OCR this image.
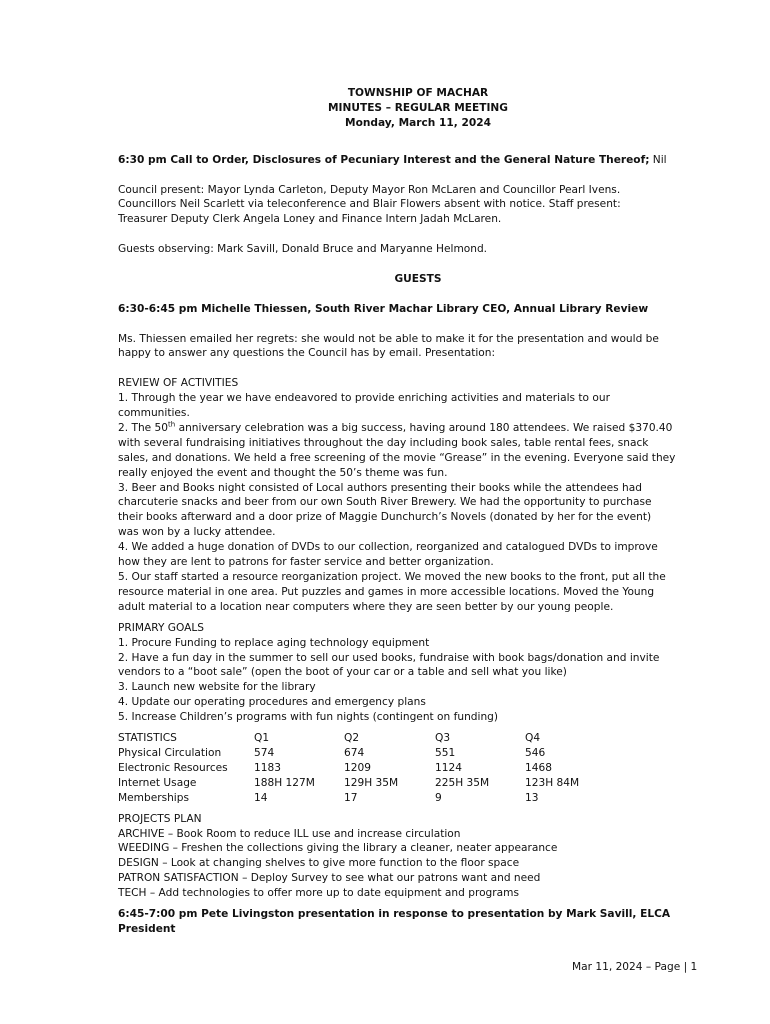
TOWNSHIP OF MACHAR

MINUTES – REGULAR MEETING

Monday, March 11, 2024

6:30 pm Call to Order, Disclosures of Pecuniary Interest and the General Nature Thereof; Nil

Council present: Mayor Lynda Carleton, Deputy Mayor Ron McLaren and Councillor Pearl Ivens.

Councillors Neil Scarlett via teleconference and Blair Flowers absent with notice. Staff present:

Treasurer Deputy Clerk Angela Loney and Finance Intern Jadah McLaren.

Guests observing: Mark Savill, Donald Bruce and Maryanne Helmond.

GUESTS

6:30-6:45 pm Michelle Thiessen, South River Machar Library CEO, Annual Library Review

Ms. Thiessen emailed her regrets: she would not be able to make it for the presentation and would be

happy to answer any questions the Council has by email. Presentation:

REVIEW OF ACTIVITIES

1. Through the year we have endeavored to provide enriching activities and materials to our

communities.

2. The 50th anniversary celebration was a big success, having around 180 attendees. We raised $370.40

with several fundraising initiatives throughout the day including book sales, table rental fees, snack

sales, and donations. We held a free screening of the movie “Grease” in the evening. Everyone said they

really enjoyed the event and thought the 50’s theme was fun.

3. Beer and Books night consisted of Local authors presenting their books while the attendees had

charcuterie snacks and beer from our own South River Brewery. We had the opportunity to purchase

their books afterward and a door prize of Maggie Dunchurch’s Novels (donated by her for the event)

was won by a lucky attendee.

4. We added a huge donation of DVDs to our collection, reorganized and catalogued DVDs to improve

how they are lent to patrons for faster service and better organization.

5. Our staff started a resource reorganization project. We moved the new books to the front, put all the

resource material in one area. Put puzzles and games in more accessible locations. Moved the Young

adult material to a location near computers where they are seen better by our young people.

PRIMARY GOALS

1. Procure Funding to replace aging technology equipment

2. Have a fun day in the summer to sell our used books, fundraise with book bags/donation and invite

vendors to a “boot sale” (open the boot of your car or a table and sell what you like)

3. Launch new website for the library

4. Update our operating procedures and emergency plans

5. Increase Children’s programs with fun nights (contingent on funding)

STATISTICS	Q1	Q2	Q3	Q4
Physical Circulation	574	674	551	546
Electronic Resources	1183	1209	1124	1468
Internet Usage	188H 127M	129H 35M	225H 35M	123H 84M
Memberships	14	17	9	13

PROJECTS PLAN

ARCHIVE – Book Room to reduce ILL use and increase circulation

WEEDING – Freshen the collections giving the library a cleaner, neater appearance

DESIGN – Look at changing shelves to give more function to the floor space

PATRON SATISFACTION – Deploy Survey to see what our patrons want and need

TECH – Add technologies to offer more up to date equipment and programs

6:45-7:00 pm Pete Livingston presentation in response to presentation by Mark Savill, ELCA President

Mar 11, 2024 – Page | 1
